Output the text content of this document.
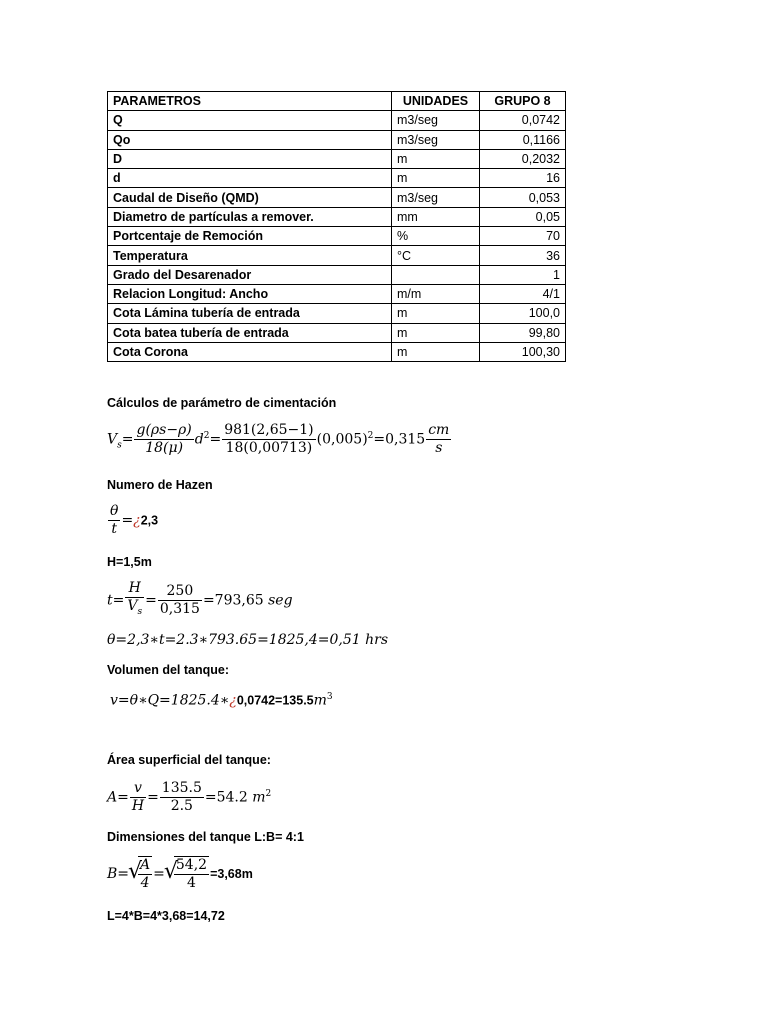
PARAMETROS	UNIDADES	GRUPO 8
Q	m3/seg	0,0742
Qo	m3/seg	0,1166
D	m	0,2032
d	m	16
Caudal de Diseño (QMD)	m3/seg	0,053
Diametro de partículas a remover.	mm	0,05
Portcentaje de Remoción	%	70
Temperatura	°C	36
Grado del Desarenador		1
Relacion Longitud: Ancho	m/m	4/1
Cota Lámina tubería de entrada	m	100,0
Cota batea tubería de entrada	m	99,80
Cota Corona	m	100,30
Cálculos de parámetro de cimentación
$V_s= \frac{g(\rho s-\rho)}{18(\mu)} d^2= \frac{981(2,65-1)}{18(0,00713)} (0,005)^2=0,315 \frac{cm}{s}$
Numero de Hazen
$\frac{\theta}{t}$ =¿2,3
H=1,5m
$t= \frac{H}{V_s} = \frac{250}{0,315} =793,65$ seg
θ=2,3∗t=2.3∗793.65=1825,4=0,51 hrs
Volumen del tanque:
$v=\theta∗Q=1825.4∗¿0,0742=135.5m^3$
Área superficial del tanque:
$A= \frac{v}{H} = \frac{135.5}{2.5} =54.2$ $m^2$
Dimensiones del tanque L:B= 4:1
B= √ $\frac{A}{4}$ = √ $\frac{54,2}{4} =3,68m$
L=4*B=4*3,68=14,72
